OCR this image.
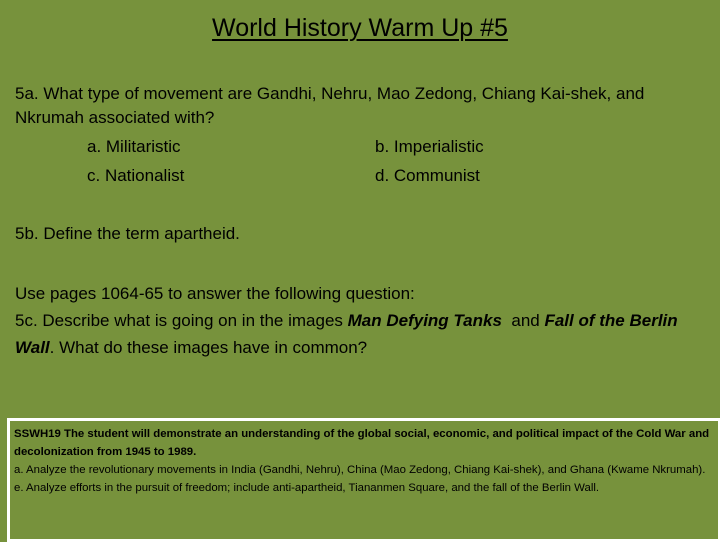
World History Warm Up #5
5a. What type of movement are Gandhi, Nehru, Mao Zedong, Chiang Kai-shek, and Nkrumah associated with?
a. Militaristic	b. Imperialistic
c. Nationalist	d. Communist
5b. Define the term apartheid.
Use pages 1064-65 to answer the following question:
5c. Describe what is going on in the images Man Defying Tanks  and Fall of the Berlin Wall. What do these images have in common?
SSWH19 The student will demonstrate an understanding of the global social, economic, and political impact of the Cold War and decolonization from 1945 to 1989.
a. Analyze the revolutionary movements in India (Gandhi, Nehru), China (Mao Zedong, Chiang Kai-shek), and Ghana (Kwame Nkrumah).
e. Analyze efforts in the pursuit of freedom; include anti-apartheid, Tiananmen Square, and the fall of the Berlin Wall.
